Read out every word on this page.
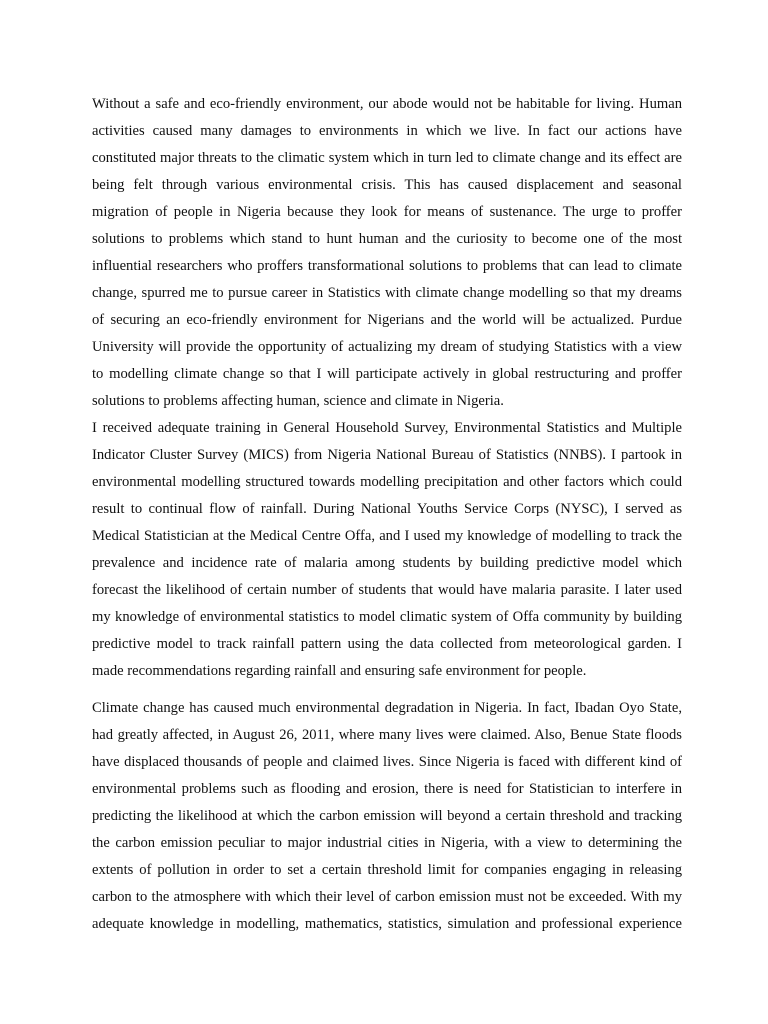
Without a safe and eco-friendly environment, our abode would not be habitable for living. Human
activities caused many damages to environments in which we live. In fact our actions have
constituted major threats to the climatic system which in turn led to climate change and its effect are
being felt through various environmental crisis. This has caused displacement and seasonal
migration of people in Nigeria because they look for means of sustenance. The urge to proffer
solutions to problems which stand to hunt human and the curiosity to become one of the most
influential researchers who proffers transformational solutions to problems that can lead to climate
change, spurred me to pursue career in Statistics with climate change modelling so that my dreams
of securing an eco-friendly environment for Nigerians and the world will be actualized. Purdue
University will provide the opportunity of actualizing my dream of studying Statistics with a view
to modelling climate change so that I will participate actively in global restructuring and proffer
solutions to problems affecting human, science and climate in Nigeria.
I received adequate training in General Household Survey, Environmental Statistics and Multiple
Indicator Cluster Survey (MICS) from Nigeria National Bureau of Statistics (NNBS). I partook in
environmental modelling structured towards modelling precipitation and other factors which could
result to continual flow of rainfall. During National Youths Service Corps (NYSC), I served as
Medical Statistician at the Medical Centre Offa, and I used my knowledge of modelling to track the
prevalence and incidence rate of malaria among students by building predictive model which
forecast the likelihood of certain number of students that would have malaria parasite. I later used
my knowledge of environmental statistics to model climatic system of Offa community by building
predictive model to track rainfall pattern using the data collected from meteorological garden. I
made recommendations regarding rainfall and ensuring safe environment for people.
Climate change has caused much environmental degradation in Nigeria. In fact, Ibadan Oyo State,
had greatly affected, in August 26, 2011, where many lives were claimed. Also, Benue State floods
have displaced thousands of people and claimed lives. Since Nigeria is faced with different kind of
environmental problems such as flooding and erosion, there is need for Statistician to interfere in
predicting the likelihood at which the carbon emission will beyond a certain threshold and tracking
the carbon emission peculiar to major industrial cities in Nigeria, with a view to determining the
extents of pollution in order to set a certain threshold limit for companies engaging in releasing
carbon to the atmosphere with which their level of carbon emission must not be exceeded. With my
adequate knowledge in modelling, mathematics, statistics, simulation and professional experience
